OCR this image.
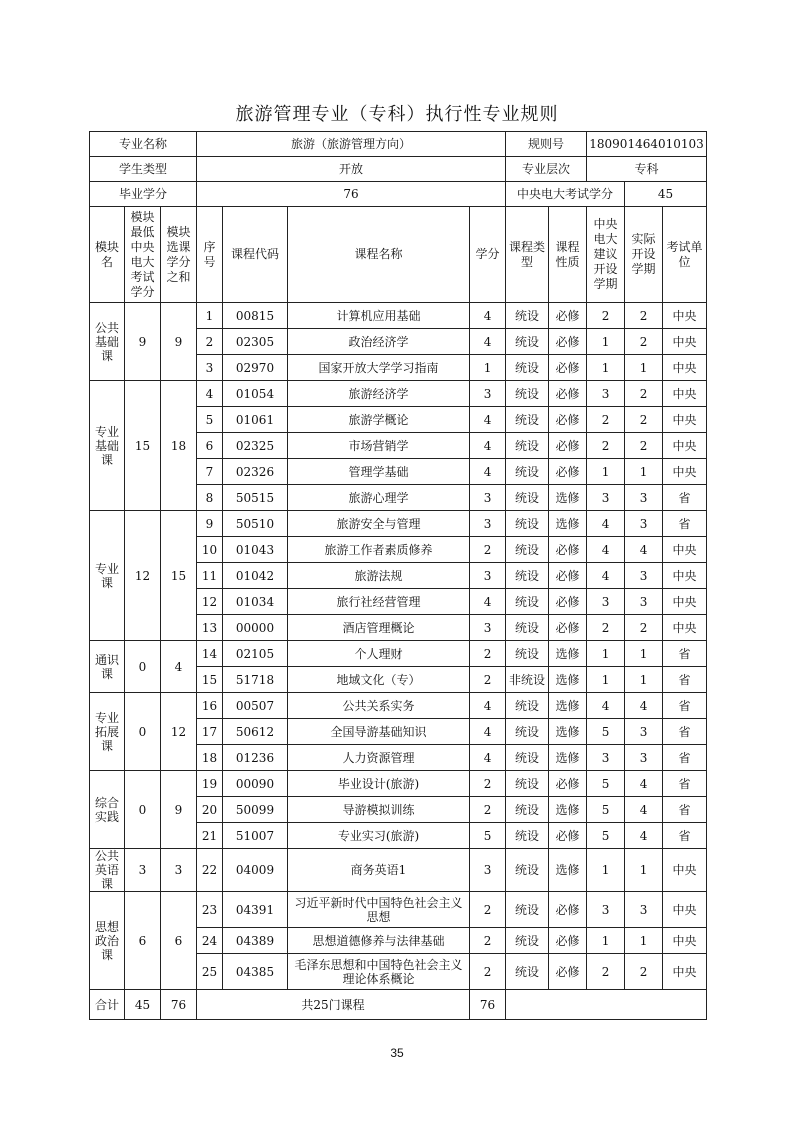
旅游管理专业（专科）执行性专业规则
专业名称			旅游（旅游管理方向）				规则号		180901464010103		
学生类型			开放				专业层次		专科		
毕业学分			76				中央电大考试学分			45	
模块名	模块最低中央电大考试学分	模块选课学分之和	序号	课程代码	课程名称	学分	课程类型	课程性质	中央电大建议开设学期	实际开设学期	考试单位
公共基础课	9	9	1	00815	计算机应用基础	4	统设	必修	2	2	中央
			2	02305	政治经济学	4	统设	必修	1	2	中央
			3	02970	国家开放大学学习指南	1	统设	必修	1	1	中央
专业基础课	15	18	4	01054	旅游经济学	3	统设	必修	3	2	中央
			5	01061	旅游学概论	4	统设	必修	2	2	中央
			6	02325	市场营销学	4	统设	必修	2	2	中央
			7	02326	管理学基础	4	统设	必修	1	1	中央
			8	50515	旅游心理学	3	统设	选修	3	3	省
专业课	12	15	9	50510	旅游安全与管理	3	统设	选修	4	3	省
			10	01043	旅游工作者素质修养	2	统设	必修	4	4	中央
			11	01042	旅游法规	3	统设	必修	4	3	中央
			12	01034	旅行社经营管理	4	统设	必修	3	3	中央
			13	00000	酒店管理概论	3	统设	必修	2	2	中央
通识课	0	4	14	02105	个人理财	2	统设	选修	1	1	省
			15	51718	地域文化（专）	2	非统设	选修	1	1	省
专业拓展课	0	12	16	00507	公共关系实务	4	统设	选修	4	4	省
			17	50612	全国导游基础知识	4	统设	选修	5	3	省
			18	01236	人力资源管理	4	统设	选修	3	3	省
综合实践	0	9	19	00090	毕业设计(旅游)	2	统设	必修	5	4	省
			20	50099	导游模拟训练	2	统设	选修	5	4	省
			21	51007	专业实习(旅游)	5	统设	必修	5	4	省
公共英语课	3	3	22	04009	商务英语1	3	统设	选修	1	1	中央
思想政治课	6	6	23	04391	习近平新时代中国特色社会主义思想	2	统设	必修	3	3	中央
			24	04389	思想道德修养与法律基础	2	统设	必修	1	1	中央
			25	04385	毛泽东思想和中国特色社会主义理论体系概论	2	统设	必修	2	2	中央
合计	45	76	共25门课程			76					
35
